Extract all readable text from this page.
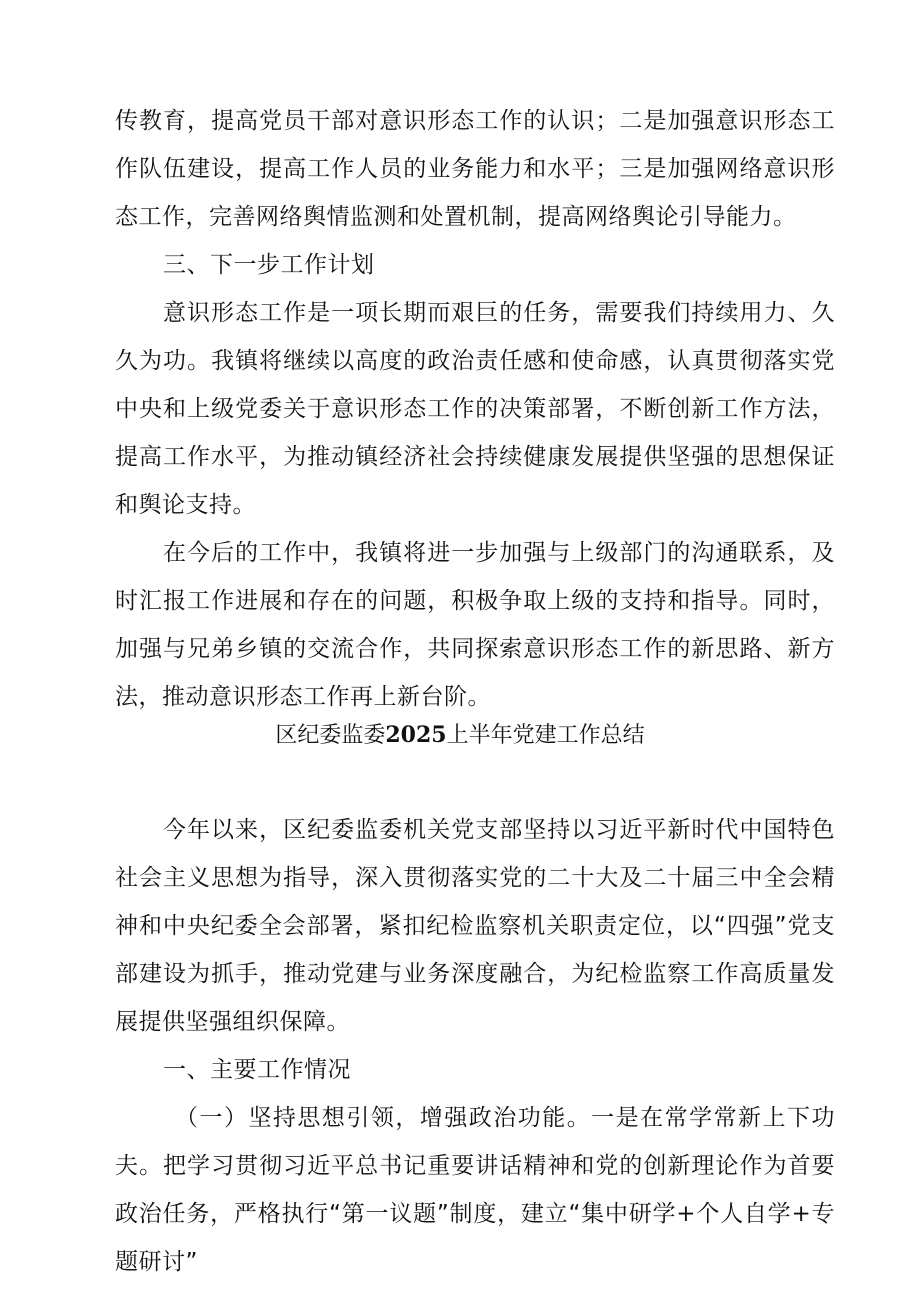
传教育，提高党员干部对意识形态工作的认识；二是加强意识形态工作队伍建设，提高工作人员的业务能力和水平；三是加强网络意识形态工作，完善网络舆情监测和处置机制，提高网络舆论引导能力。

三、下一步工作计划

意识形态工作是一项长期而艰巨的任务，需要我们持续用力、久久为功。我镇将继续以高度的政治责任感和使命感，认真贯彻落实党中央和上级党委关于意识形态工作的决策部署，不断创新工作方法，提高工作水平，为推动镇经济社会持续健康发展提供坚强的思想保证和舆论支持。

在今后的工作中，我镇将进一步加强与上级部门的沟通联系，及时汇报工作进展和存在的问题，积极争取上级的支持和指导。同时，加强与兄弟乡镇的交流合作，共同探索意识形态工作的新思路、新方法，推动意识形态工作再上新台阶。

区纪委监委2025上半年党建工作总结

今年以来，区纪委监委机关党支部坚持以习近平新时代中国特色社会主义思想为指导，深入贯彻落实党的二十大及二十届三中全会精神和中央纪委全会部署，紧扣纪检监察机关职责定位，以“四强”党支部建设为抓手，推动党建与业务深度融合，为纪检监察工作高质量发展提供坚强组织保障。

一、主要工作情况

（一）坚持思想引领，增强政治功能。一是在常学常新上下功夫。把学习贯彻习近平总书记重要讲话精神和党的创新理论作为首要政治任务，严格执行“第一议题”制度，建立“集中研学+个人自学+专题研讨”
